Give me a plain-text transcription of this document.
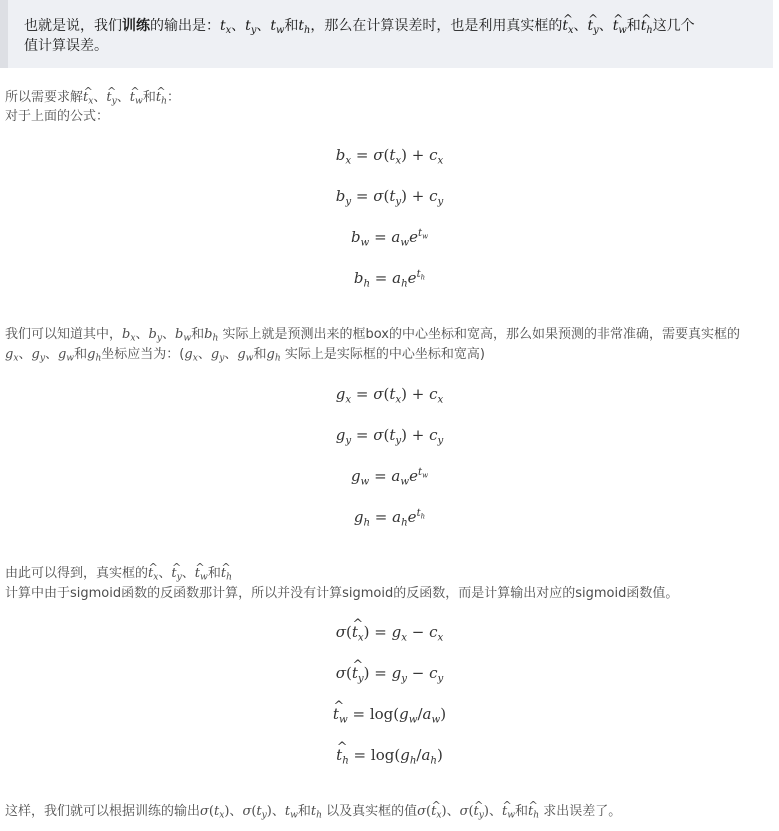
也就是说，我们训练的输出是：$t_x$、$t_y$、$t_w$和$t_h$，那么在计算误差时，也是利用真实框的^ $t_x$、^ $t_y$、^ $t_w$和^ $t_h$这几个
值计算误差。
所以需要求解^ $t_x$、^ $t_y$、^ $t_w$和^ $t_h$：
对于上面的公式：
$b_x = \sigma(t_x) + c_x$
$b_y = \sigma(t_y) + c_y$
$b_w = a_we^{t_w}$
$b_h = a_he^{t_h}$
我们可以知道其中，$b_x$、$b_y$、$b_w$和$b_h$ 实际上就是预测出来的框box的中心坐标和宽高，那么如果预测的非常准确，需要真实框的
$g_x$、$g_y$、$g_w$和$g_h$坐标应当为：($g_x$、$g_y$、$g_w$和$g_h$ 实际上是实际框的中心坐标和宽高)
$g_x = \sigma(t_x) + c_x$
$g_y = \sigma(t_y) + c_y$
$g_w = a_we^{t_w}$
$g_h = a_he^{t_h}$
由此可以得到，真实框的^ $t_x$、^ $t_y$、^ $t_w$和^ $t_h$
计算中由于sigmoid函数的反函数那计算，所以并没有计算sigmoid的反函数，而是计算输出对应的sigmoid函数值。
σ(^ $t_x) = g_x - c_x$
σ(^ $t_y) = g_y - c_y$
^ $t_w = \log(g_w/a_w)$
^ $t_h = \log(g_h/a_h)$
这样，我们就可以根据训练的输出$\sigma(t_x)$、$\sigma(t_y)$、$t_w$和$t_h$ 以及真实框的值σ(^ $t_x$)、σ(^ $t_y$)、^ $t_w$和^ $t_h$ 求出误差了。
